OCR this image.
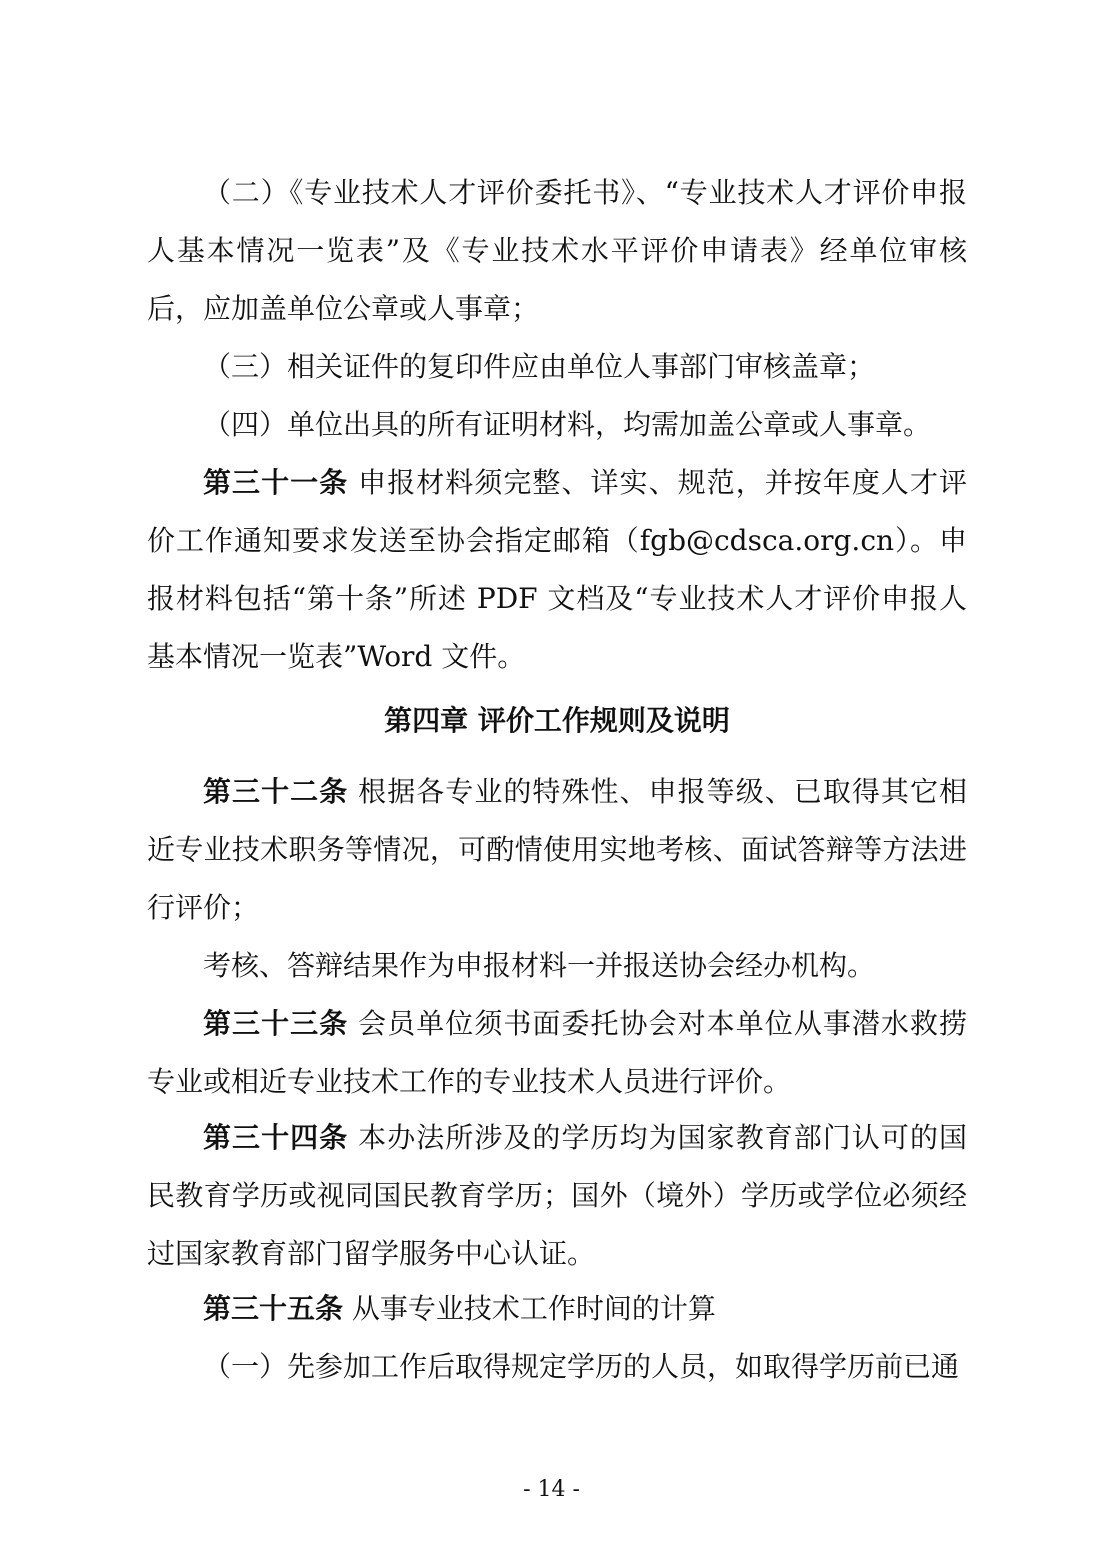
（二）《专业技术人才评价委托书》、“专业技术人才评价申报人基本情况一览表”及《专业技术水平评价申请表》经单位审核后，应加盖单位公章或人事章；

（三）相关证件的复印件应由单位人事部门审核盖章；

（四）单位出具的所有证明材料，均需加盖公章或人事章。

第三十一条 申报材料须完整、详实、规范，并按年度人才评价工作通知要求发送至协会指定邮箱（fgb@cdsca.org.cn）。申报材料包括“第十条”所述 PDF 文档及“专业技术人才评价申报人基本情况一览表”Word 文件。

第四章 评价工作规则及说明

第三十二条 根据各专业的特殊性、申报等级、已取得其它相近专业技术职务等情况，可酌情使用实地考核、面试答辩等方法进行评价；

考核、答辩结果作为申报材料一并报送协会经办机构。

第三十三条 会员单位须书面委托协会对本单位从事潜水救捞专业或相近专业技术工作的专业技术人员进行评价。

第三十四条 本办法所涉及的学历均为国家教育部门认可的国民教育学历或视同国民教育学历；国外（境外）学历或学位必须经过国家教育部门留学服务中心认证。

第三十五条 从事专业技术工作时间的计算

（一）先参加工作后取得规定学历的人员，如取得学历前已通

- 14 -
